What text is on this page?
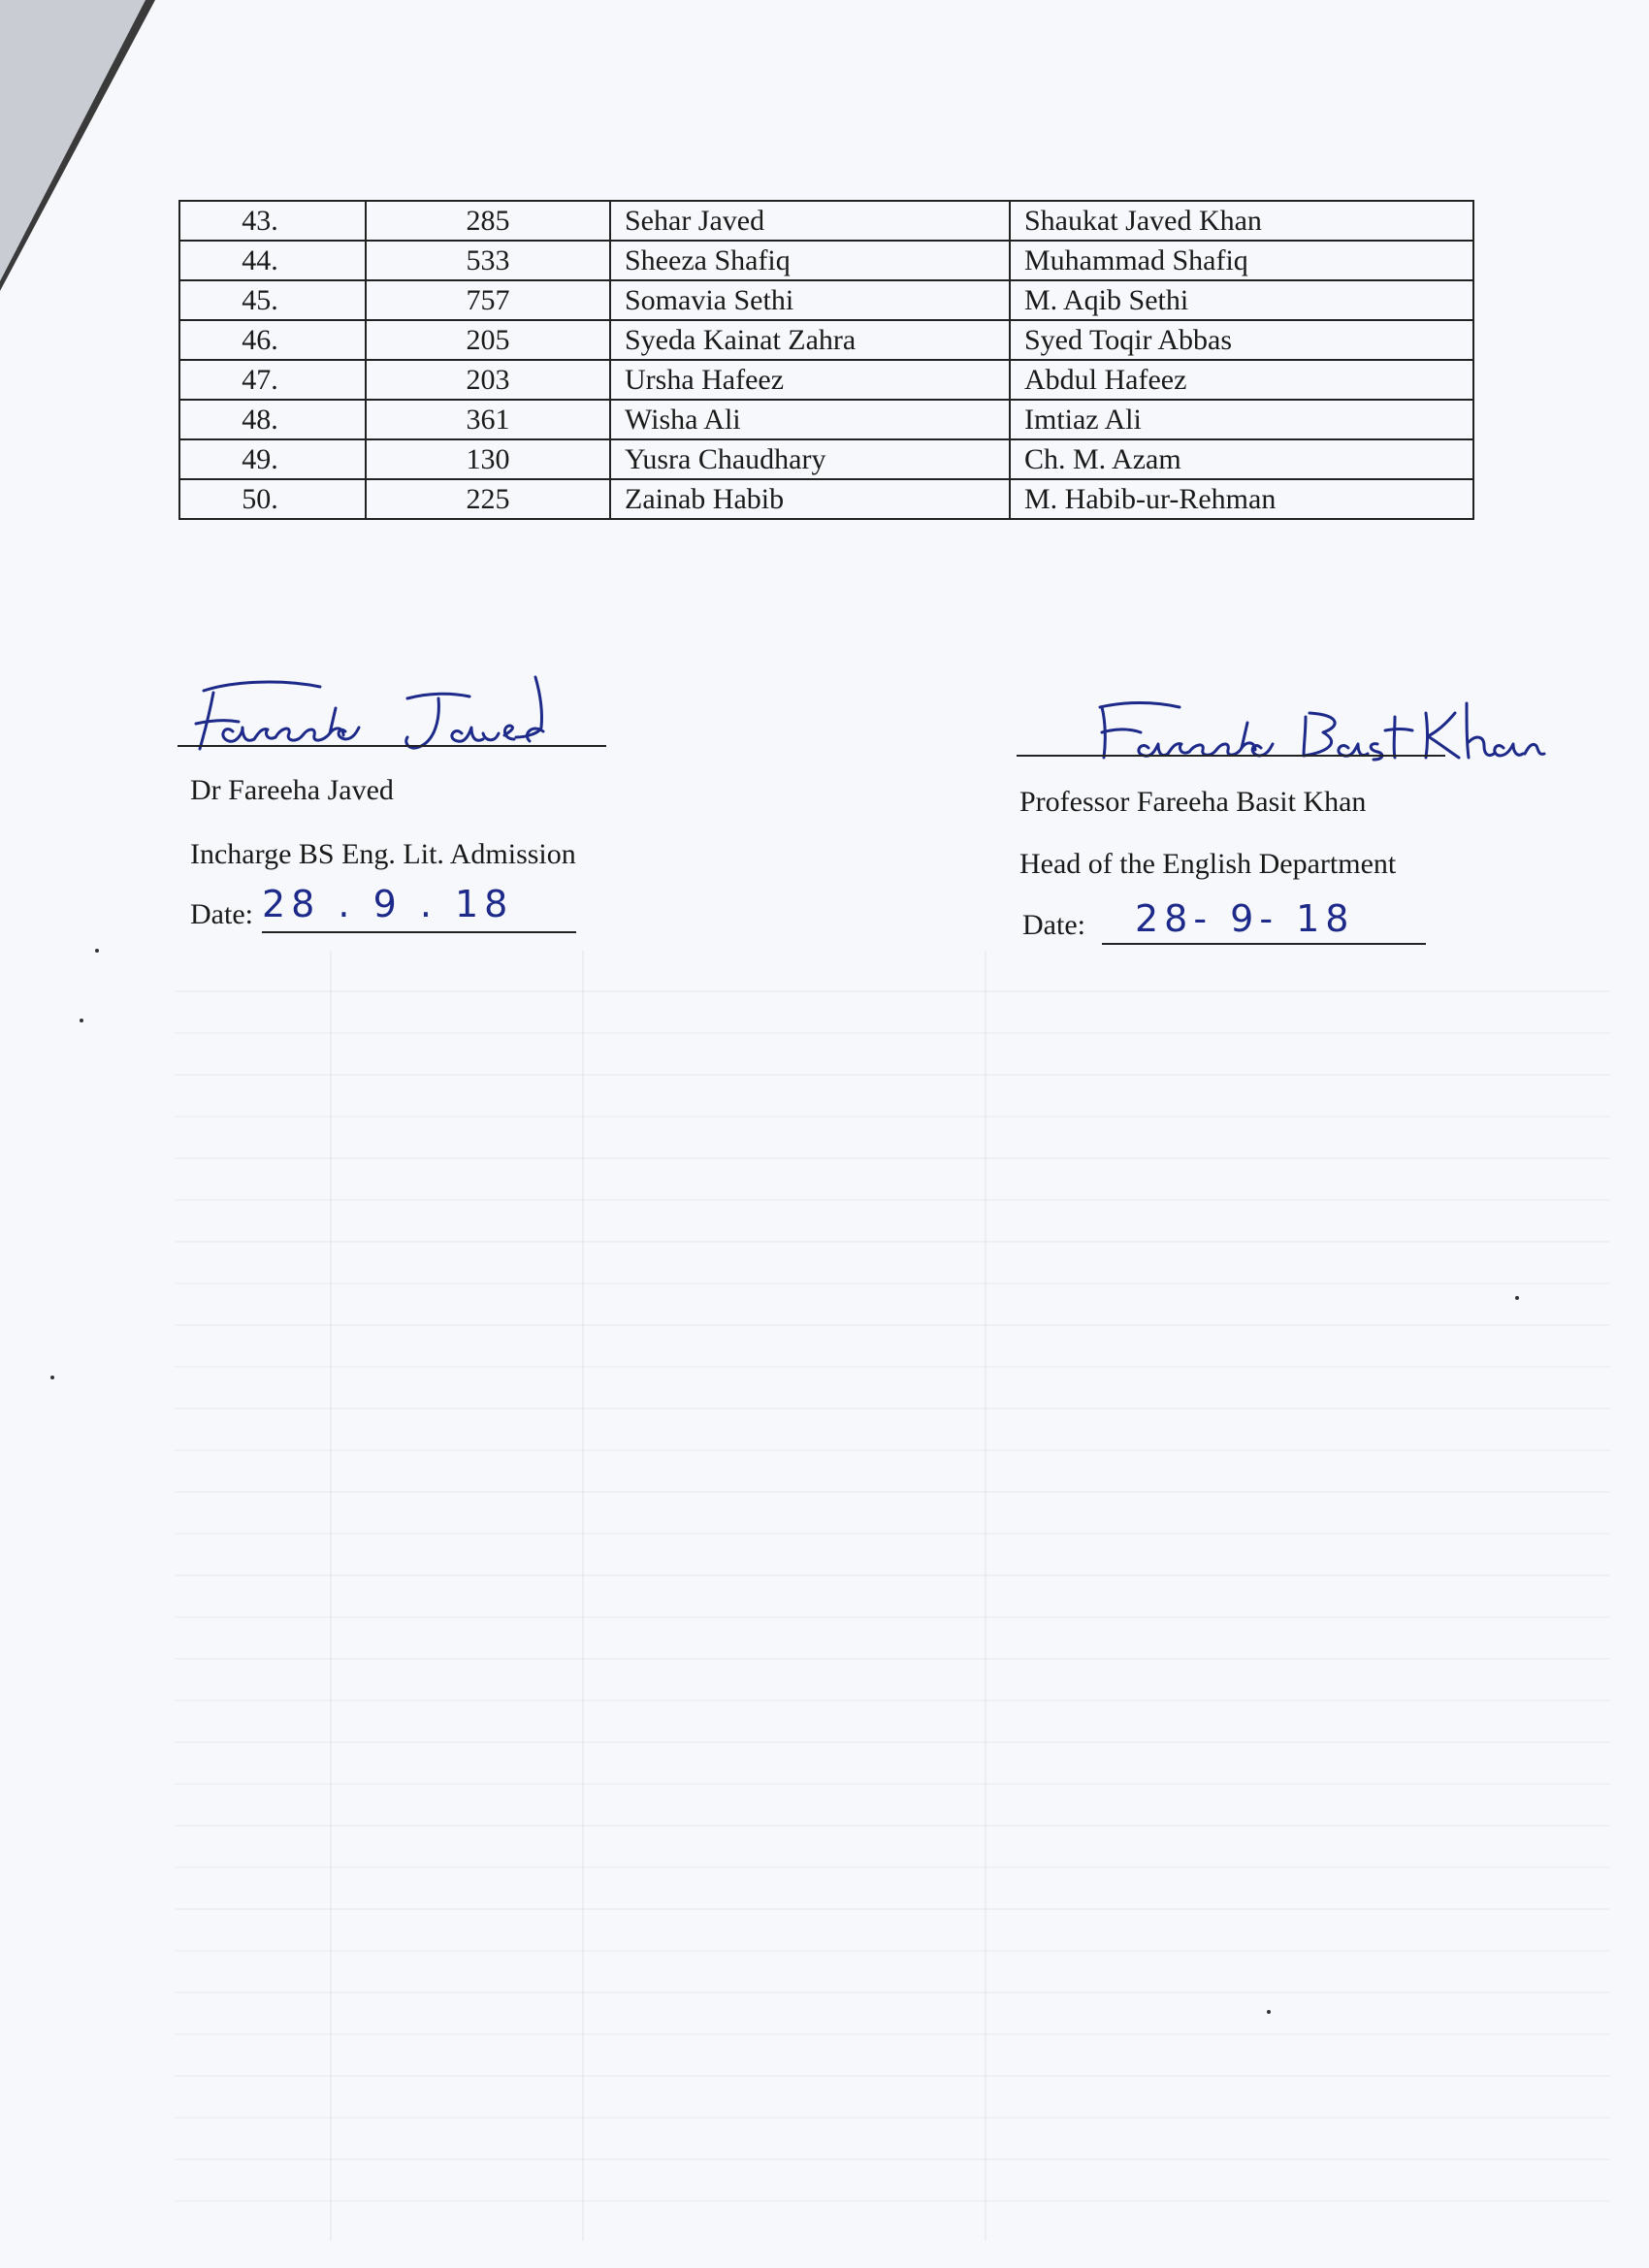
43.	285	Sehar Javed	Shaukat Javed Khan
44.	533	Sheeza Shafiq	Muhammad Shafiq
45.	757	Somavia Sethi	M. Aqib Sethi
46.	205	Syeda Kainat Zahra	Syed Toqir Abbas
47.	203	Ursha Hafeez	Abdul Hafeez
48.	361	Wisha Ali	Imtiaz Ali
49.	130	Yusra Chaudhary	Ch. M. Azam
50.	225	Zainab Habib	M. Habib-ur-Rehman
Dr Fareeha Javed
Incharge BS Eng. Lit. Admission
Date: 28 . 9 . 18
Professor Fareeha Basit Khan
Head of the English Department
Date: 28- 9- 18
